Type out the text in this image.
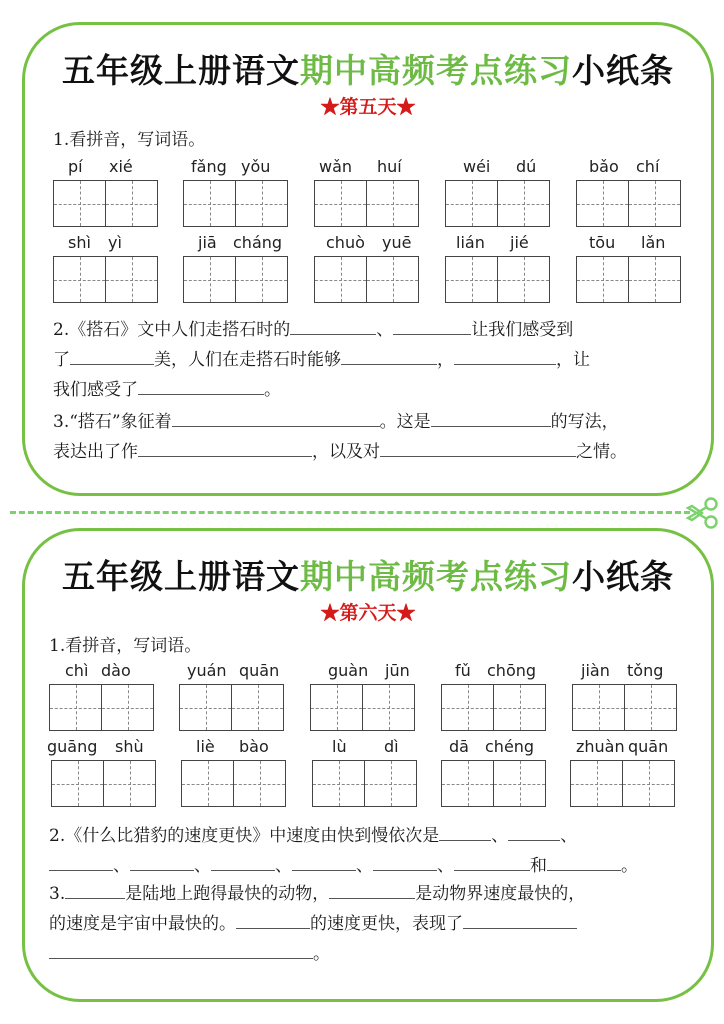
五年级上册语文期中高频考点练习小纸条
★第五天★
1.看拼音，写词语。
pí xié	fǎng yǒu	wǎn huí	wéi dú	bǎo chí
shì yì	jiā cháng	chuò yuē	lián jié	tōu lǎn
2.《搭石》文中人们走搭石时的	、	让我们感受到
了	美，人们在走搭石时能够	，	，让
我们感受了	。
3.“搭石”象征着	。这是	的写法，
表达出了作	，以及对	之情。
五年级上册语文期中高频考点练习小纸条
★第六天★
1.看拼音，写词语。
chì dào	yuán quān	guàn jūn	fǔ chōng	jiàn tǒng
guāng shù	liè bào	lù dì	dā chéng	zhuàn quān
2.《什么比猎豹的速度更快》中速度由快到慢依次是	、	、
、	、	、	、	、	和	。
3.	是陆地上跑得最快的动物，	是动物界速度最快的，
的速度是宇宙中最快的。	的速度更快，表现了
。
